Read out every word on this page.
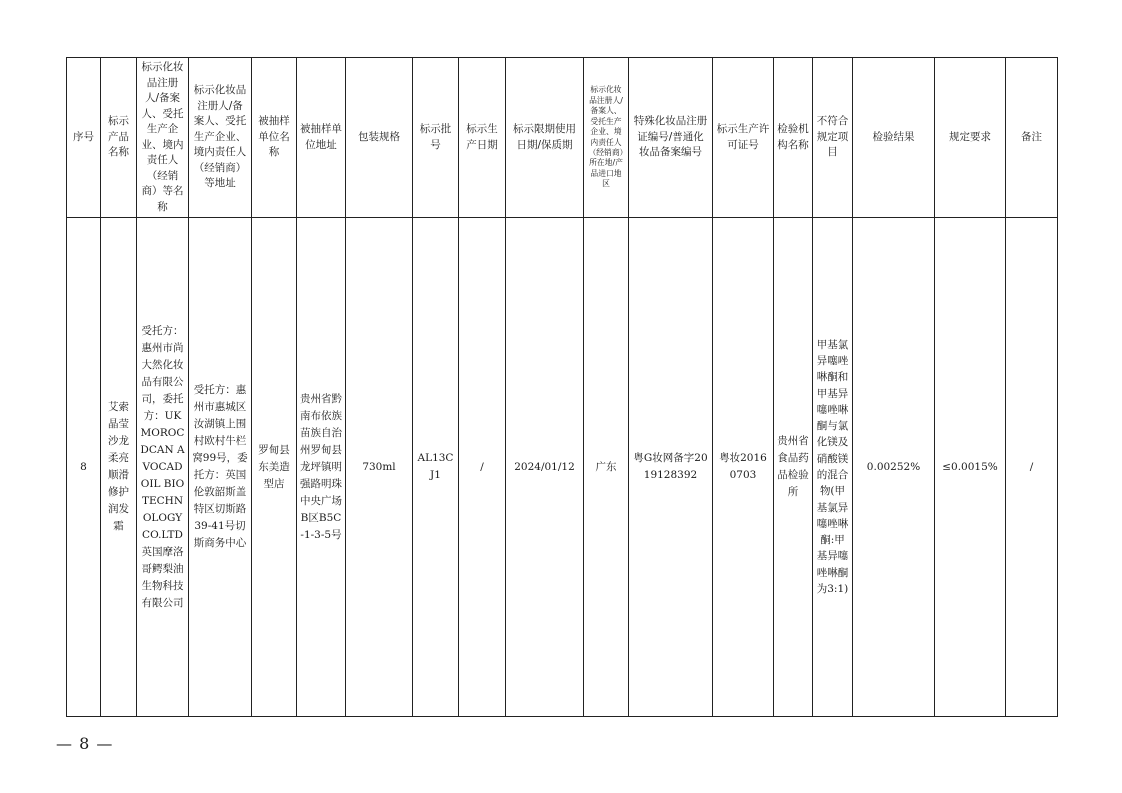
序号	标示产品名称	标示化妆品注册人/备案人、受托生产企业、境内责任人（经销商）等名称	标示化妆品注册人/备案人、受托生产企业、境内责任人（经销商）等地址	被抽样单位名称	被抽样单位地址	包装规格	标示批号	标示生产日期	标示限期使用日期/保质期	标示化妆品注册人/备案人、受托生产企业、境内责任人（经销商）所在地/产品进口地区	特殊化妆品注册证编号/普通化妆品备案编号	标示生产许可证号	检验机构名称	不符合规定项目	检验结果	规定要求	备注
8	艾索晶莹沙龙柔亮顺滑修护润发霜	受托方：惠州市尚大然化妆品有限公司，委托方：UK MOROCDCAN AVOCAD OIL BIOTECHNOLOGYCO.LTD 英国摩洛哥鳄梨油生物科技有限公司	受托方：惠州市惠城区汝湖镇上围村欧村牛栏窝99号，委托方：英国伦敦韶斯盖特区切斯路39-41号切斯商务中心	罗甸县东美造型店	贵州省黔南布依族苗族自治州罗甸县龙坪镇明强路明珠中央广场B区B5C-1-3-5号	730ml	AL13CJ1	/	2024/01/12	广东	粤G妆网备字2019128392	粤妆20160703	贵州省食品药品检验所	甲基氯异噻唑啉酮和甲基异噻唑啉酮与氯化镁及硝酸镁的混合物(甲基氯异噻唑啉酮:甲基异噻唑啉酮为3:1)	0.00252%	≤0.0015%	/
— 8 —
